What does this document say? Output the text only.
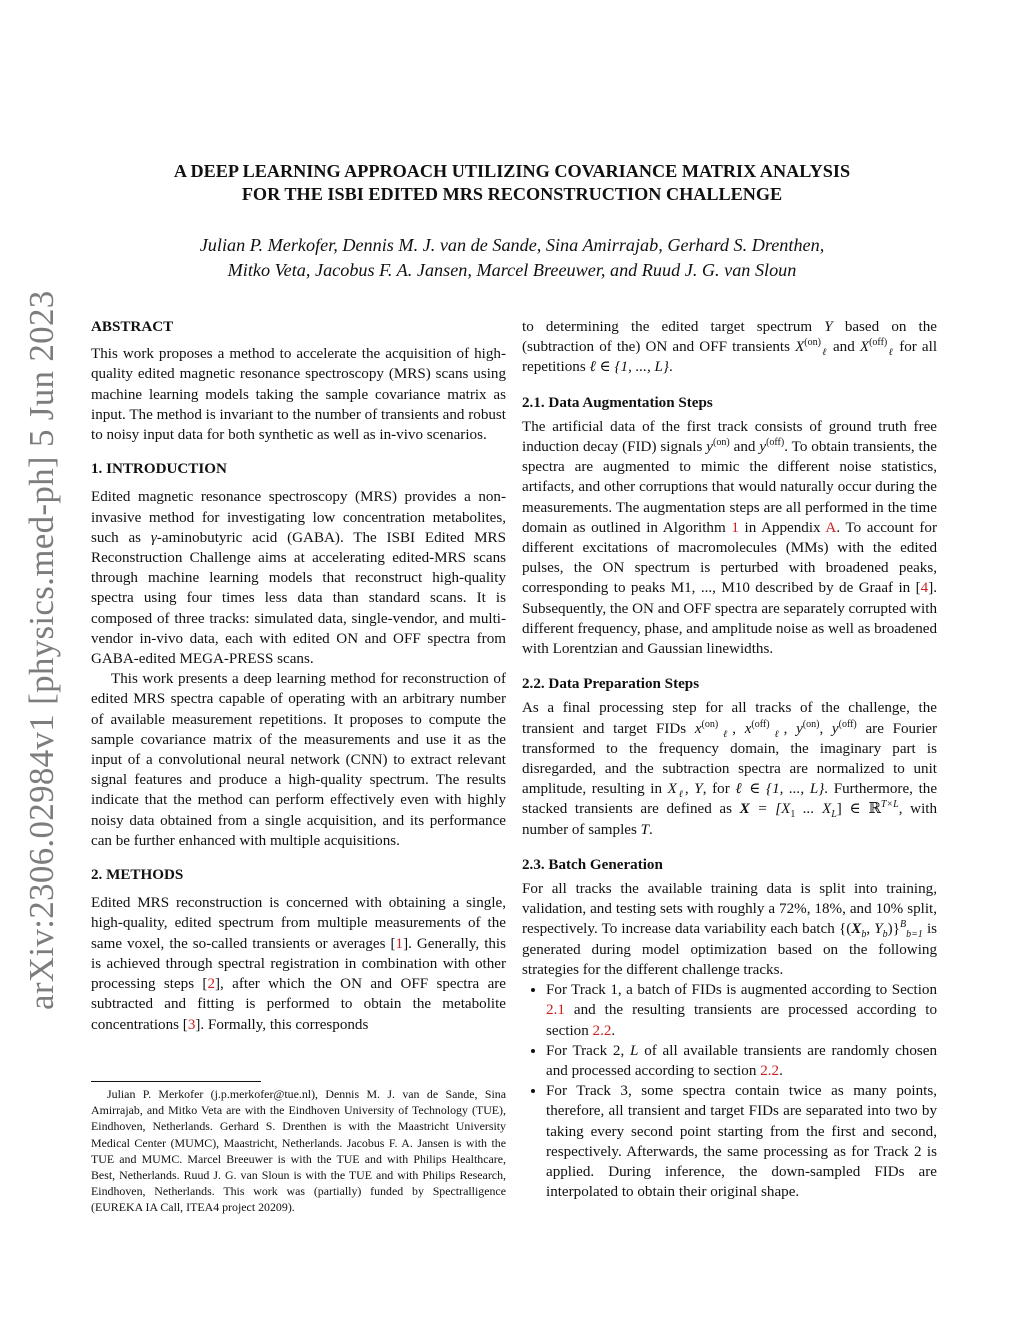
arXiv:2306.02984v1 [physics.med-ph] 5 Jun 2023
A DEEP LEARNING APPROACH UTILIZING COVARIANCE MATRIX ANALYSIS
FOR THE ISBI EDITED MRS RECONSTRUCTION CHALLENGE
Julian P. Merkofer, Dennis M. J. van de Sande, Sina Amirrajab, Gerhard S. Drenthen,
Mitko Veta, Jacobus F. A. Jansen, Marcel Breeuwer, and Ruud J. G. van Sloun

ABSTRACT

This work proposes a method to accelerate the acquisition of high-quality edited magnetic resonance spectroscopy (MRS) scans using machine learning models taking the sample covariance matrix as input. The method is invariant to the number of transients and robust to noisy input data for both synthetic as well as in-vivo scenarios.

1. INTRODUCTION

Edited magnetic resonance spectroscopy (MRS) provides a non-invasive method for investigating low concentration metabolites, such as γ-aminobutyric acid (GABA). The ISBI Edited MRS Reconstruction Challenge aims at accelerating edited-MRS scans through machine learning models that reconstruct high-quality spectra using four times less data than standard scans. It is composed of three tracks: simulated data, single-vendor, and multi-vendor in-vivo data, each with edited ON and OFF spectra from GABA-edited MEGA-PRESS scans.

This work presents a deep learning method for reconstruction of edited MRS spectra capable of operating with an arbitrary number of available measurement repetitions. It proposes to compute the sample covariance matrix of the measurements and use it as the input of a convolutional neural network (CNN) to extract relevant signal features and produce a high-quality spectrum. The results indicate that the method can perform effectively even with highly noisy data obtained from a single acquisition, and its performance can be further enhanced with multiple acquisitions.

2. METHODS

Edited MRS reconstruction is concerned with obtaining a single, high-quality, edited spectrum from multiple measurements of the same voxel, the so-called transients or averages [1]. Generally, this is achieved through spectral registration in combination with other processing steps [2], after which the ON and OFF spectra are subtracted and fitting is performed to obtain the metabolite concentrations [3]. Formally, this corresponds

Julian P. Merkofer (j.p.merkofer@tue.nl), Dennis M. J. van de Sande, Sina Amirrajab, and Mitko Veta are with the Eindhoven University of Technology (TUE), Eindhoven, Netherlands. Gerhard S. Drenthen is with the Maastricht University Medical Center (MUMC), Maastricht, Netherlands. Jacobus F. A. Jansen is with the TUE and MUMC. Marcel Breeuwer is with the TUE and with Philips Healthcare, Best, Netherlands. Ruud J. G. van Sloun is with the TUE and with Philips Research, Eindhoven, Netherlands. This work was (partially) funded by Spectralligence (EUREKA IA Call, ITEA4 project 20209).

to determining the edited target spectrum Y based on the (subtraction of the) ON and OFF transients $X^{(on)}_\ell$ and $X^{(off)}_\ell$ for all repetitions ℓ ∈ {1, ..., L}.

2.1. Data Augmentation Steps

The artificial data of the first track consists of ground truth free induction decay (FID) signals $y^{(on)}$ and $y^{(off)}$. To obtain transients, the spectra are augmented to mimic the different noise statistics, artifacts, and other corruptions that would naturally occur during the measurements. The augmentation steps are all performed in the time domain as outlined in Algorithm 1 in Appendix A. To account for different excitations of macromolecules (MMs) with the edited pulses, the ON spectrum is perturbed with broadened peaks, corresponding to peaks M1, ..., M10 described by de Graaf in [4]. Subsequently, the ON and OFF spectra are separately corrupted with different frequency, phase, and amplitude noise as well as broadened with Lorentzian and Gaussian linewidths.

2.2. Data Preparation Steps

As a final processing step for all tracks of the challenge, the transient and target FIDs $x^{(on)}_\ell$, $x^{(off)}_\ell$, $y^{(on)}$, $y^{(off)}$ are Fourier transformed to the frequency domain, the imaginary part is disregarded, and the subtraction spectra are normalized to unit amplitude, resulting in $X_\ell$, Y, for ℓ ∈ {1, ..., L}. Furthermore, the stacked transients are defined as $X = [X_1$ ... $X_L$] ∈ ℝ$^{T\times L}$, with number of samples T.

2.3. Batch Generation

For all tracks the available training data is split into training, validation, and testing sets with roughly a 72%, 18%, and 10% split, respectively. To increase data variability each batch {($X_b$, $Y_b)\}^B_{b=1}$ is generated during model optimization based on the following strategies for the different challenge tracks.

• For Track 1, a batch of FIDs is augmented according to Section 2.1 and the resulting transients are processed according to section 2.2.
• For Track 2, L of all available transients are randomly chosen and processed according to section 2.2.
• For Track 3, some spectra contain twice as many points, therefore, all transient and target FIDs are separated into two by taking every second point starting from the first and second, respectively. Afterwards, the same processing as for Track 2 is applied. During inference, the down-sampled FIDs are interpolated to obtain their original shape.
